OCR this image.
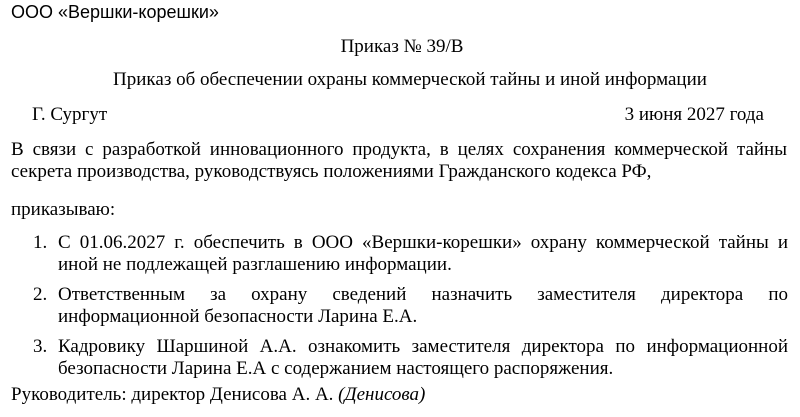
ООО «Вершки-корешки»
Приказ № 39/В
Приказ об обеспечении охраны коммерческой тайны и иной информации
Г. Сургут	3 июня 2027 года
В связи с разработкой инновационного продукта, в целях сохранения коммерческой тайны секрета производства, руководствуясь положениями Гражданского кодекса РФ,
приказываю:
1. С 01.06.2027 г. обеспечить в ООО «Вершки-корешки» охрану коммерческой тайны и иной не подлежащей разглашению информации.
2. Ответственным за охрану сведений назначить заместителя директора по информационной безопасности Ларина Е.А.
3. Кадровику Шаршиной А.А. ознакомить заместителя директора по информационной безопасности Ларина Е.А с содержанием настоящего распоряжения.
Руководитель: директор Денисова А. А. (Денисова)
